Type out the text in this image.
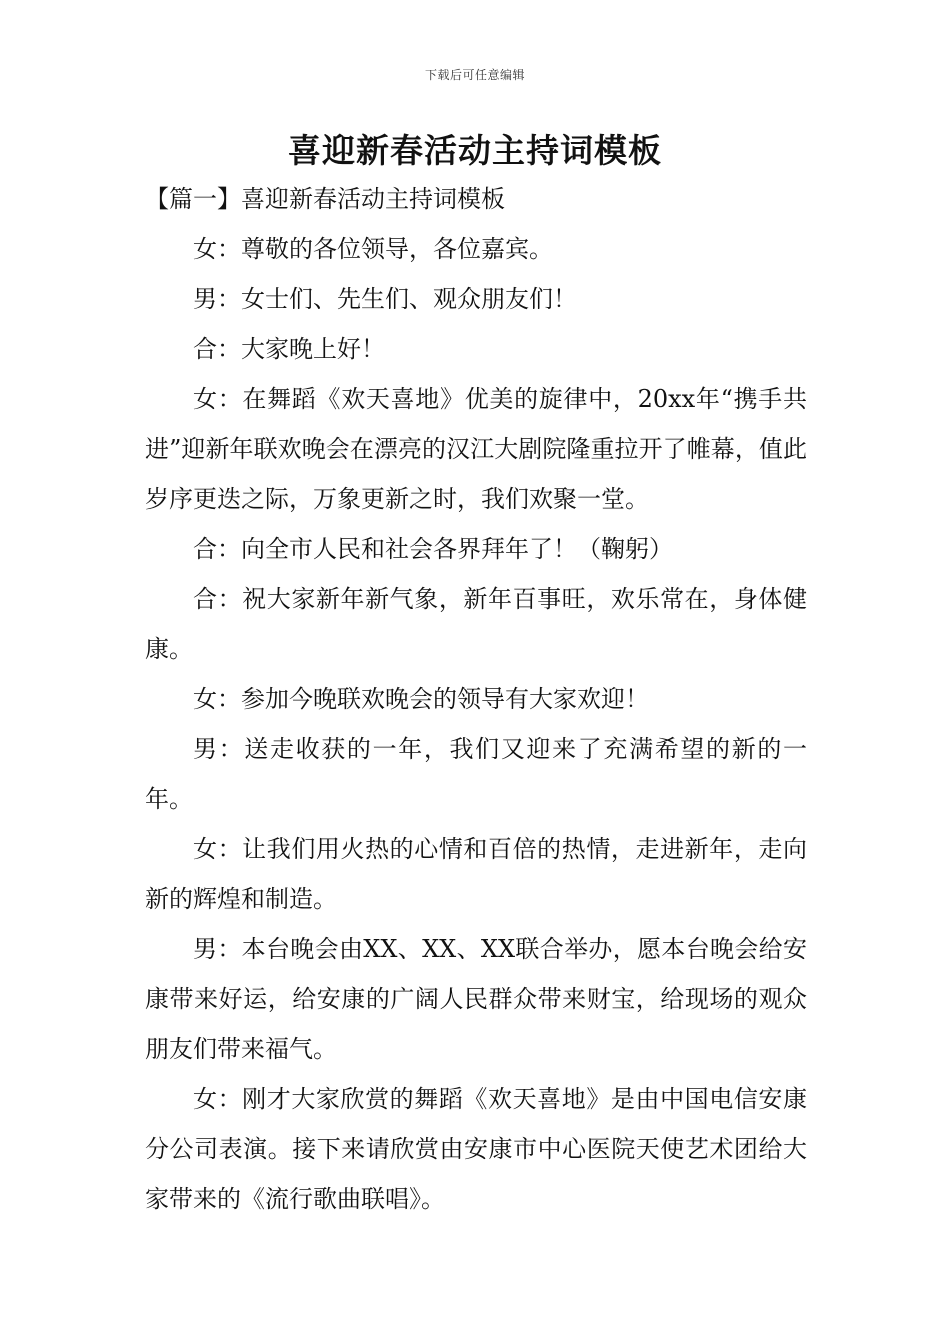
下载后可任意编辑
喜迎新春活动主持词模板

【篇一】喜迎新春活动主持词模板

女：尊敬的各位领导，各位嘉宾。

男：女士们、先生们、观众朋友们！

合：大家晚上好！

女：在舞蹈《欢天喜地》优美的旋律中，20xx年“携手共进”迎新年联欢晚会在漂亮的汉江大剧院隆重拉开了帷幕，值此岁序更迭之际，万象更新之时，我们欢聚一堂。

合：向全市人民和社会各界拜年了！（鞠躬）

合：祝大家新年新气象，新年百事旺，欢乐常在，身体健康。

女：参加今晚联欢晚会的领导有大家欢迎！

男：送走收获的一年，我们又迎来了充满希望的新的一年。

女：让我们用火热的心情和百倍的热情，走进新年，走向新的辉煌和制造。

男：本台晚会由XX、XX、XX联合举办，愿本台晚会给安康带来好运，给安康的广阔人民群众带来财宝，给现场的观众朋友们带来福气。

女：刚才大家欣赏的舞蹈《欢天喜地》是由中国电信安康分公司表演。接下来请欣赏由安康市中心医院天使艺术团给大家带来的《流行歌曲联唱》。
